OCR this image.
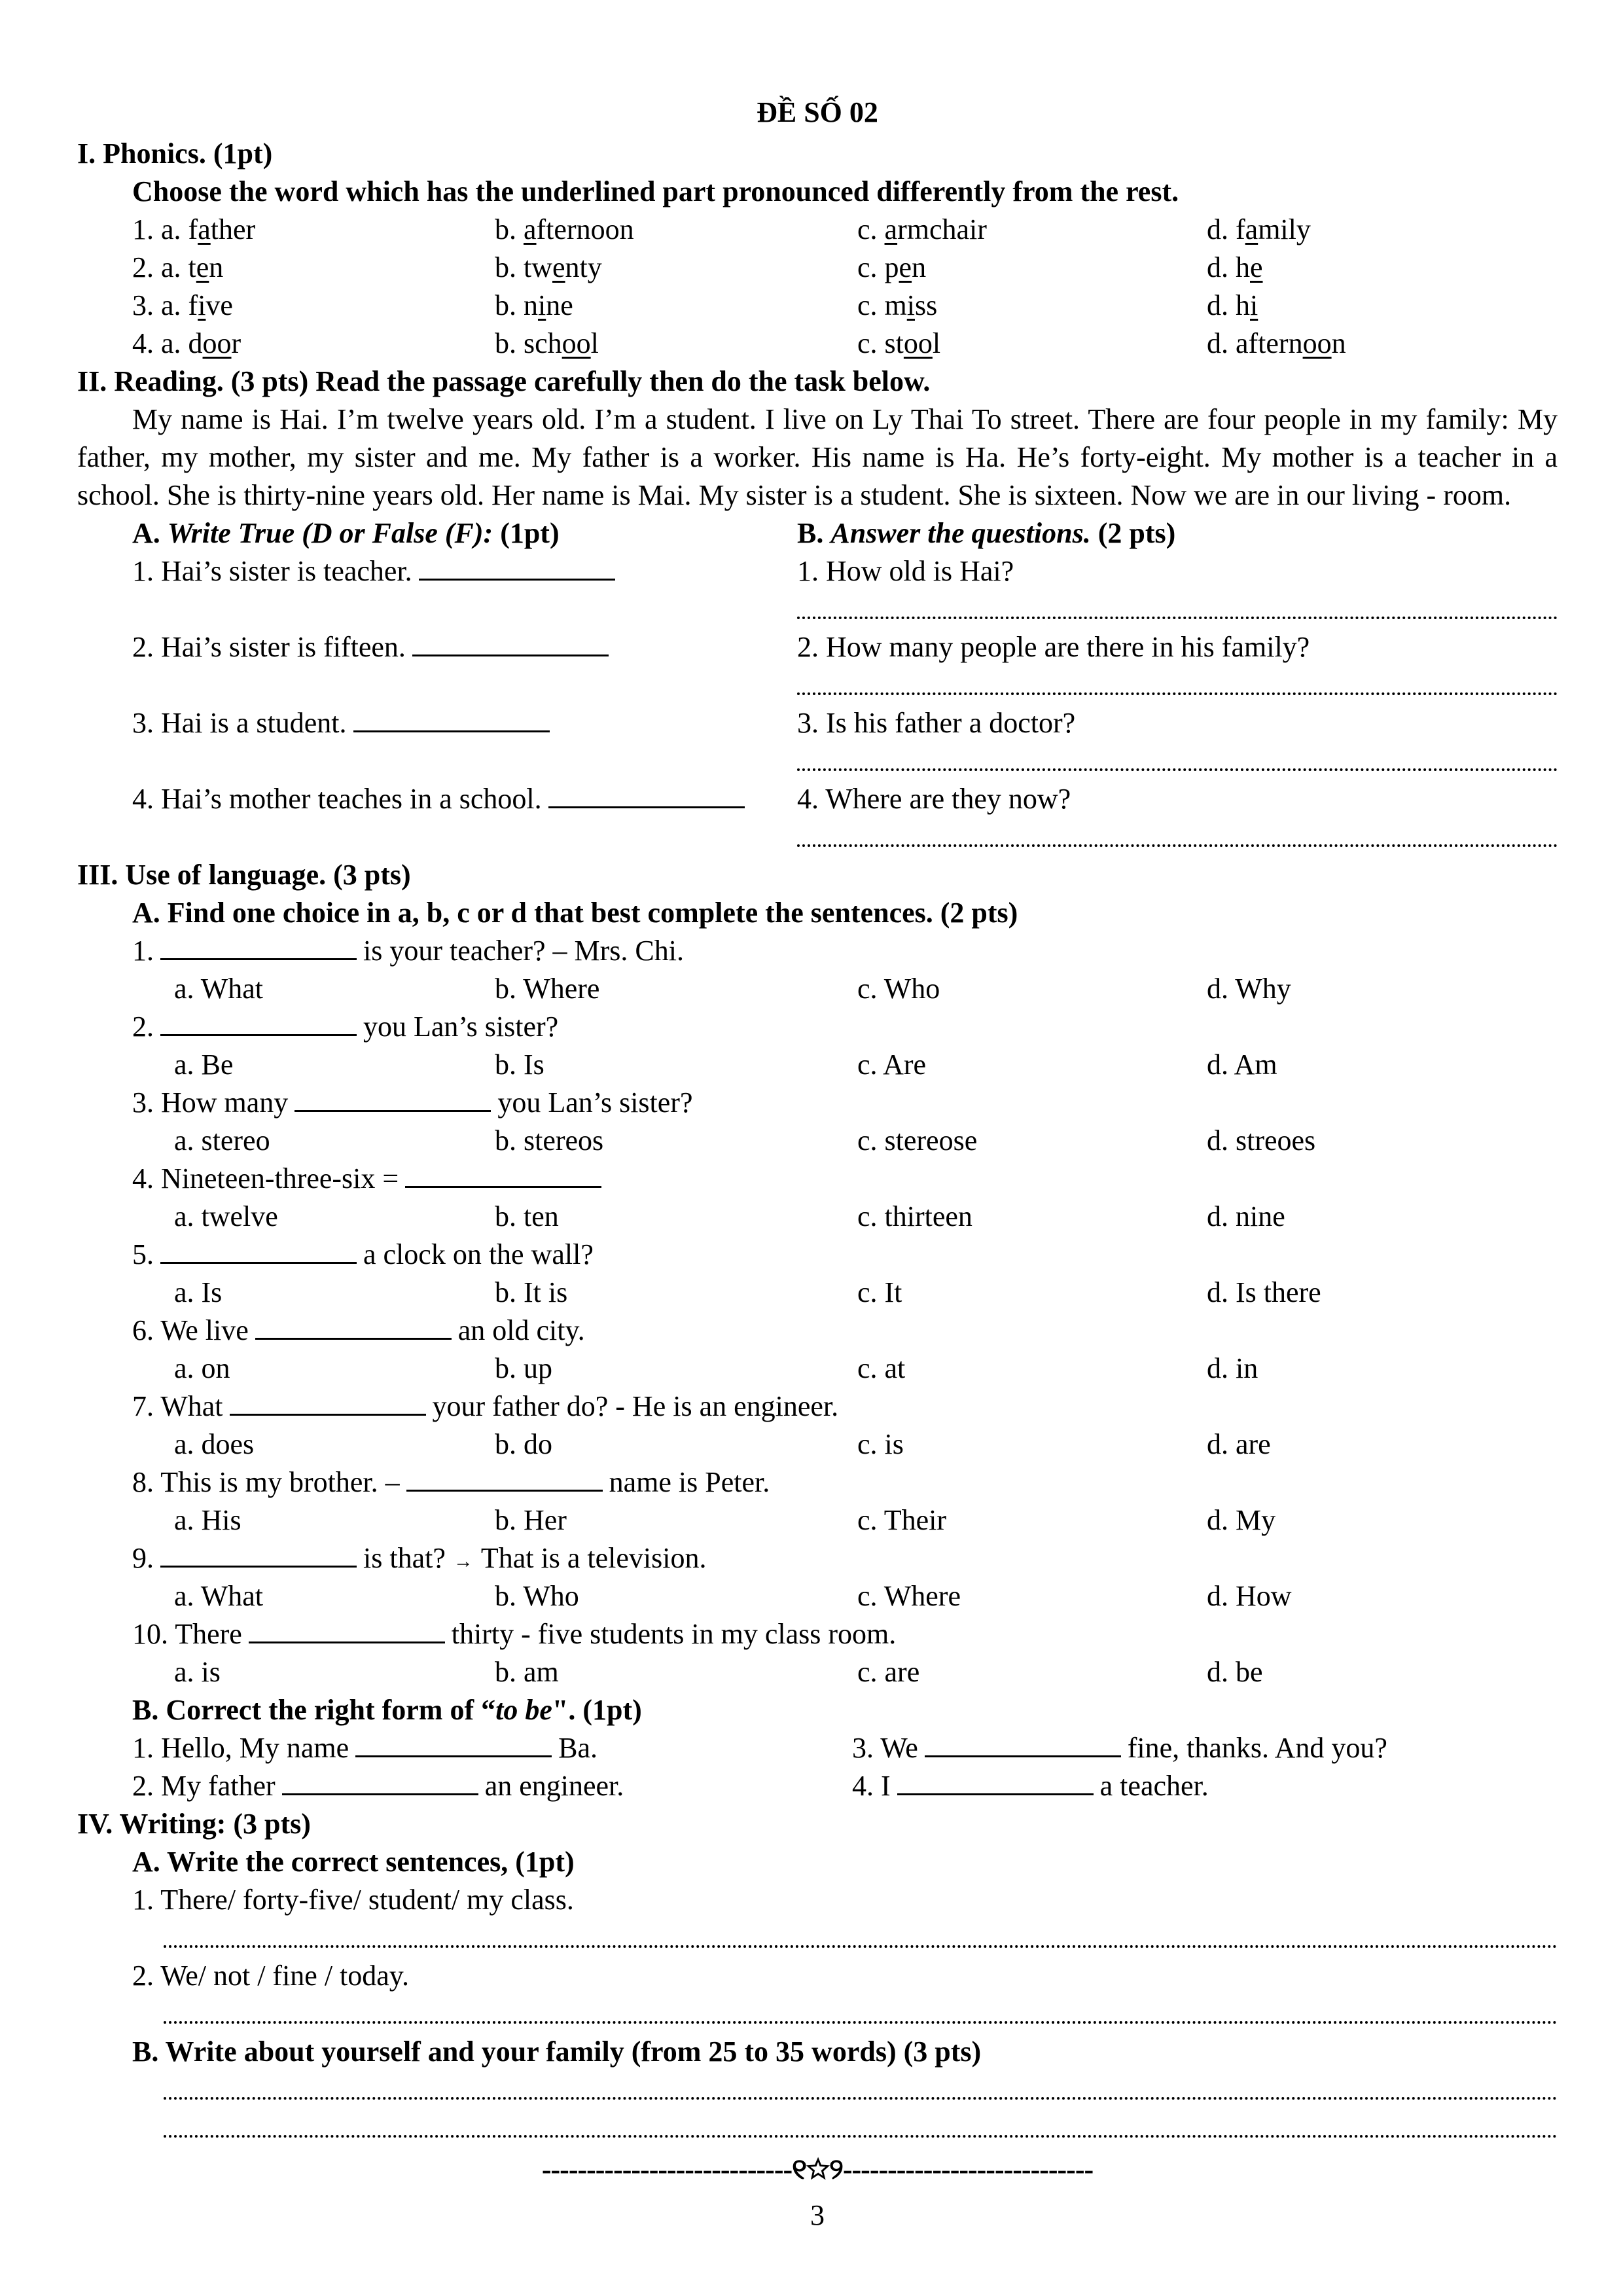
ĐỀ SỐ 02
I. Phonics. (1pt)
Choose the word which has the underlined part pronounced differently from the rest.
1. a. father	b. afternoon	c. armchair	d. family
2. a. ten	b. twenty	c. pen	d. he
3. a. five	b. nine	c. miss	d. hi
4. a. door	b. school	c. stool	d. afternoon
II. Reading. (3 pts) Read the passage carefully then do the task below.
My name is Hai. I’m twelve years old. I’m a student. I live on Ly Thai To street. There are four people in my family: My father, my mother, my sister and me. My father is a worker. His name is Ha. He’s forty-eight. My mother is a teacher in a school. She is thirty-nine years old. Her name is Mai. My sister is a student. She is sixteen. Now we are in our living - room.
A. Write True (D or False (F): (1pt)
1. Hai’s sister is teacher.
2. Hai’s sister is fifteen.
3. Hai is a student.
4. Hai’s mother teaches in a school.
B. Answer the questions. (2 pts)
1. How old is Hai?
2. How many people are there in his family?
3. Is his father a doctor?
4. Where are they now?
III. Use of language. (3 pts)
A. Find one choice in a, b, c or d that best complete the sentences. (2 pts)
1.	is your teacher? – Mrs. Chi.
a. What	b. Where	c. Who	d. Why
2.	you Lan’s sister?
a. Be	b. Is	c. Are	d. Am
3. How many	you Lan’s sister?
a. stereo	b. stereos	c. stereose	d. streoes
4. Nineteen-three-six =
a. twelve	b. ten	c. thirteen	d. nine
5.	a clock on the wall?
a. Is	b. It is	c. It	d. Is there
6. We live	an old city.
a. on	b. up	c. at	d. in
7. What	your father do? - He is an engineer.
a. does	b. do	c. is	d. are
8. This is my brother. –	name is Peter.
a. His	b. Her	c. Their	d. My
9.	is that? → That is a television.
a. What	b. Who	c. Where	d. How
10. There	thirty - five students in my class room.
a. is	b. am	c. are	d. be
B. Correct the right form of “to be". (1pt)
1. Hello, My name	Ba.	3. We	fine, thanks. And you?
2. My father	an engineer.	4. I	a teacher.
IV. Writing: (3 pts)
A. Write the correct sentences, (1pt)
1. There/ forty-five/ student/ my class.
2. We/ not / fine / today.
B. Write about yourself and your family (from 25 to 35 words) (3 pts)
----------------------------୧☆୨----------------------------
3
